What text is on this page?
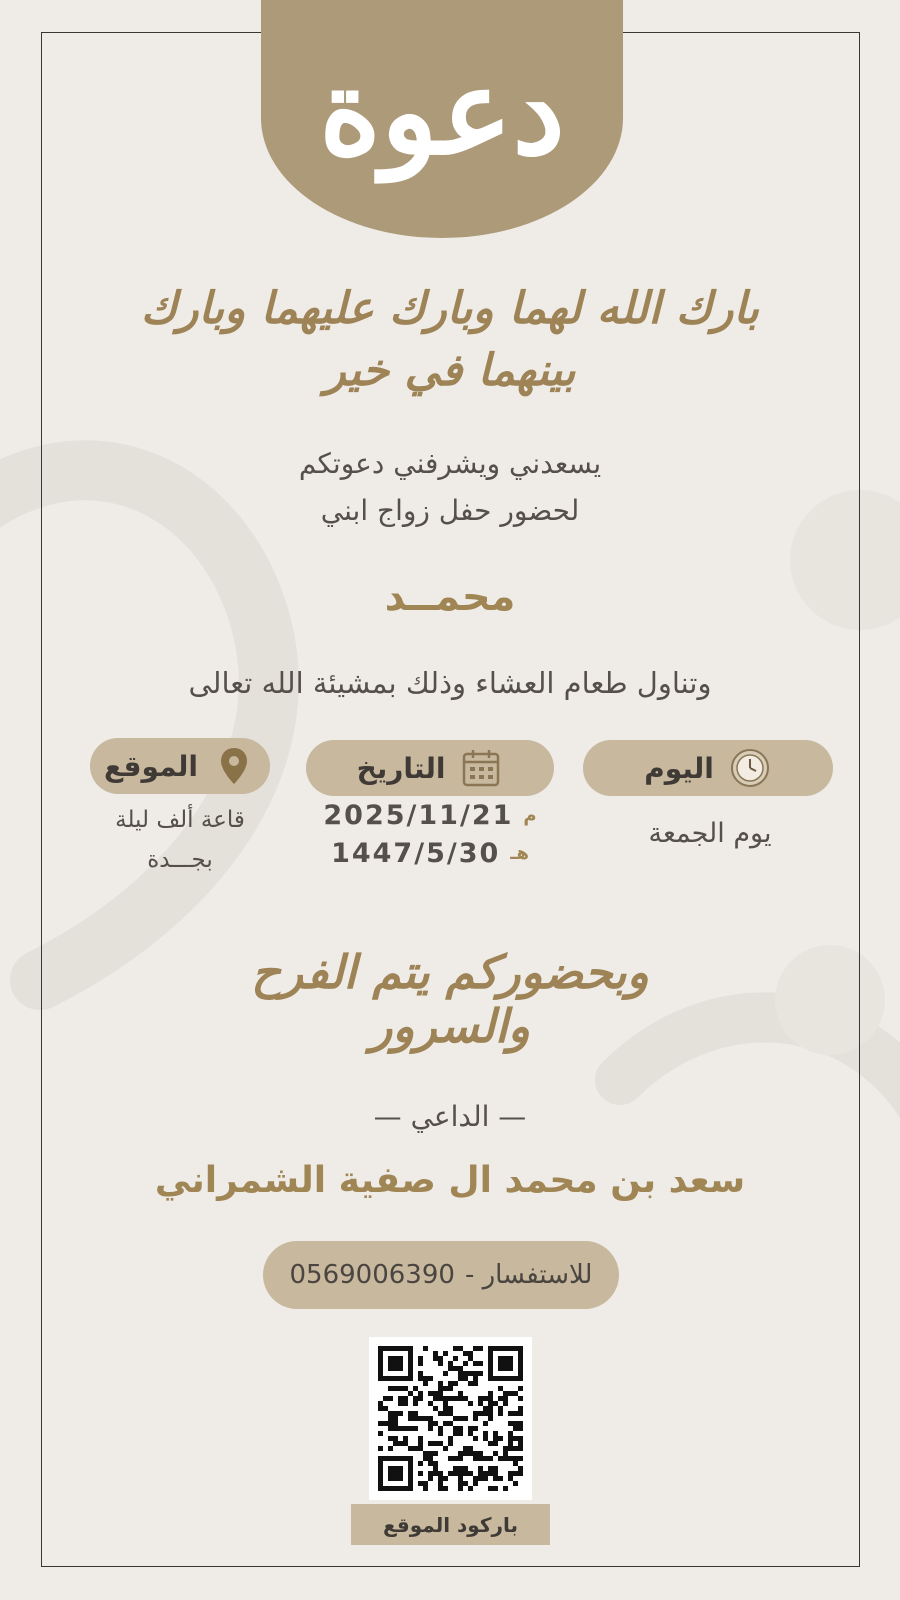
دعوة
بارك الله لهما وبارك عليهما وبارك بينهما في خير
يسعدني ويشرفني دعوتكم
لحضور حفل زواج ابني
محمــد
وتناول طعام العشاء وذلك بمشيئة الله تعالى
اليوم
التاريخ
الموقع
يوم الجمعة
م
2025/11/21
هـ
1447/5/30
قاعة ألف ليلة
بجـــدة
وبحضوركم يتم الفرح والسرور
— الداعي —
سعد بن محمد ال صفية الشمراني
للاستفسار -
0569006390
باركود الموقع
